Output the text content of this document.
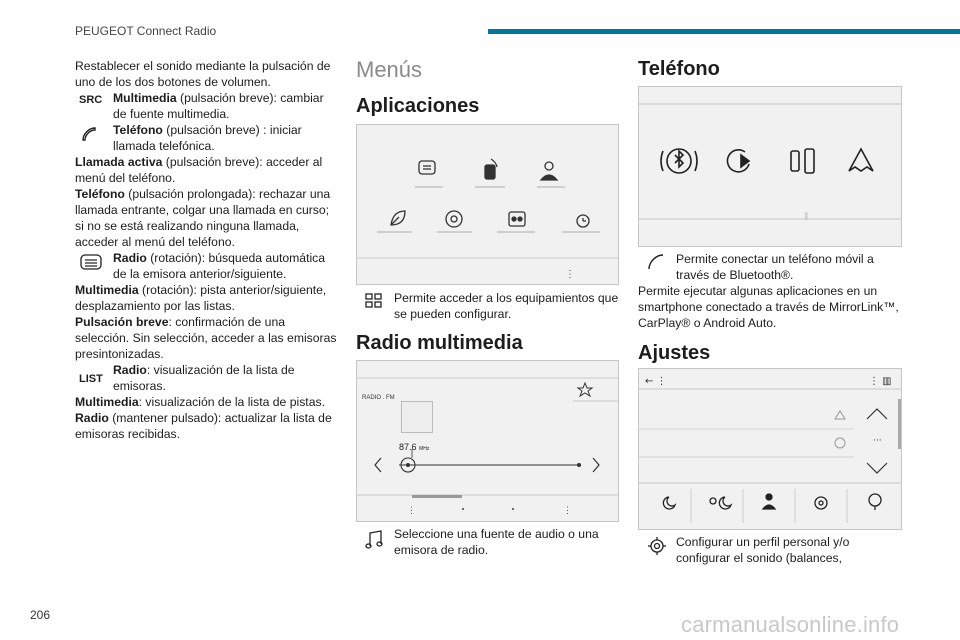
PEUGEOT Connect Radio

Restablecer el sonido mediante la pulsación de uno de los dos botones de volumen.

SRC Multimedia (pulsación breve): cambiar de fuente multimedia.
Teléfono (pulsación breve) : iniciar llamada telefónica.

Llamada activa (pulsación breve): acceder al menú del teléfono.

Teléfono (pulsación prolongada): rechazar una llamada entrante, colgar una llamada en curso; si no se está realizando ninguna llamada, acceder al menú del teléfono.

Radio (rotación): búsqueda automática de la emisora anterior/siguiente.

Multimedia (rotación): pista anterior/siguiente, desplazamiento por las listas.

Pulsación breve: confirmación de una selección. Sin selección, acceder a las emisoras presintonizadas.

LIST
Radio: visualización de la lista de emisoras.

Multimedia: visualización de la lista de pistas.

Radio (mantener pulsado): actualizar la lista de emisoras recibidas.

Menús
Aplicaciones
⋮
Permite acceder a los equipamientos que se pueden configurar.
Radio multimedia
RADIO . FM
87.6 MHz
⋮	⋮
Seleccione una fuente de audio o una emisora de radio.
Teléfono
ᛒ
Permite conectar un teléfono móvil a través de Bluetooth®.
Permite ejecutar algunas aplicaciones en un smartphone conectado a través de MirrorLink™, CarPlay® o Android Auto.
Ajustes
← ⋮	⋮ ▥
···
Configurar un perfil personal y/o configurar el sonido (balances,
206	carmanualsonline.info
